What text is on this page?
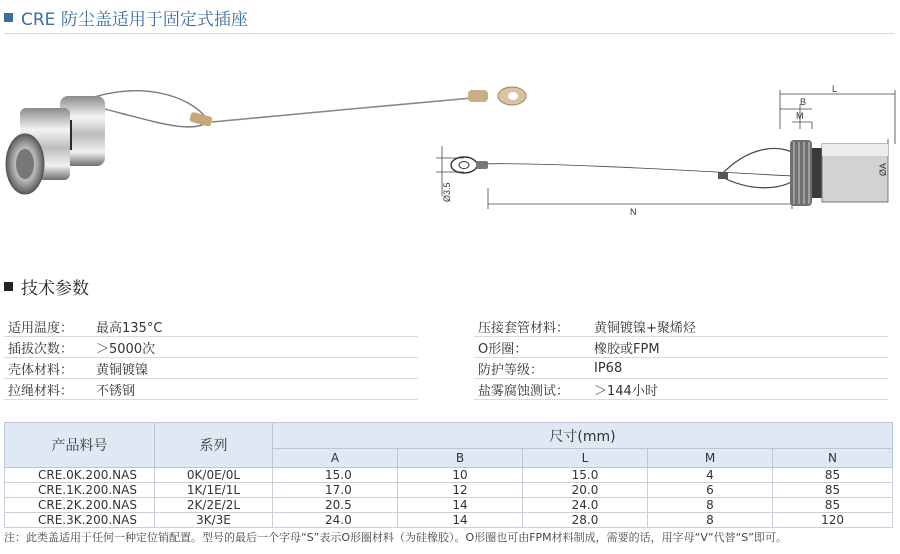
CRE 防尘盖适用于固定式插座
B
L
M
N
ØA
Ø3.5
技术参数
适用温度：	最高135°C
插拔次数：	＞5000次
壳体材料：	黄铜镀镍
拉绳材料：	不锈钢
压接套管材料：	黄铜镀镍+聚烯烃
O形圈：	橡胶或FPM
防护等级：	IP68
盐雾腐蚀测试：	＞144小时
产品料号	系列	尺寸(mm)				
		A	B	L	M	N
CRE.0K.200.NAS	0K/0E/0L	15.0	10	15.0	4	85
CRE.1K.200.NAS	1K/1E/1L	17.0	12	20.0	6	85
CRE.2K.200.NAS	2K/2E/2L	20.5	14	24.0	8	85
CRE.3K.200.NAS	3K/3E	24.0	14	28.0	8	120
注：此类盖适用于任何一种定位销配置。型号的最后一个字母“S”表示O形圈材料（为硅橡胶）。O形圈也可由FPM材料制成，需要的话，用字母“V”代替“S”即可。
